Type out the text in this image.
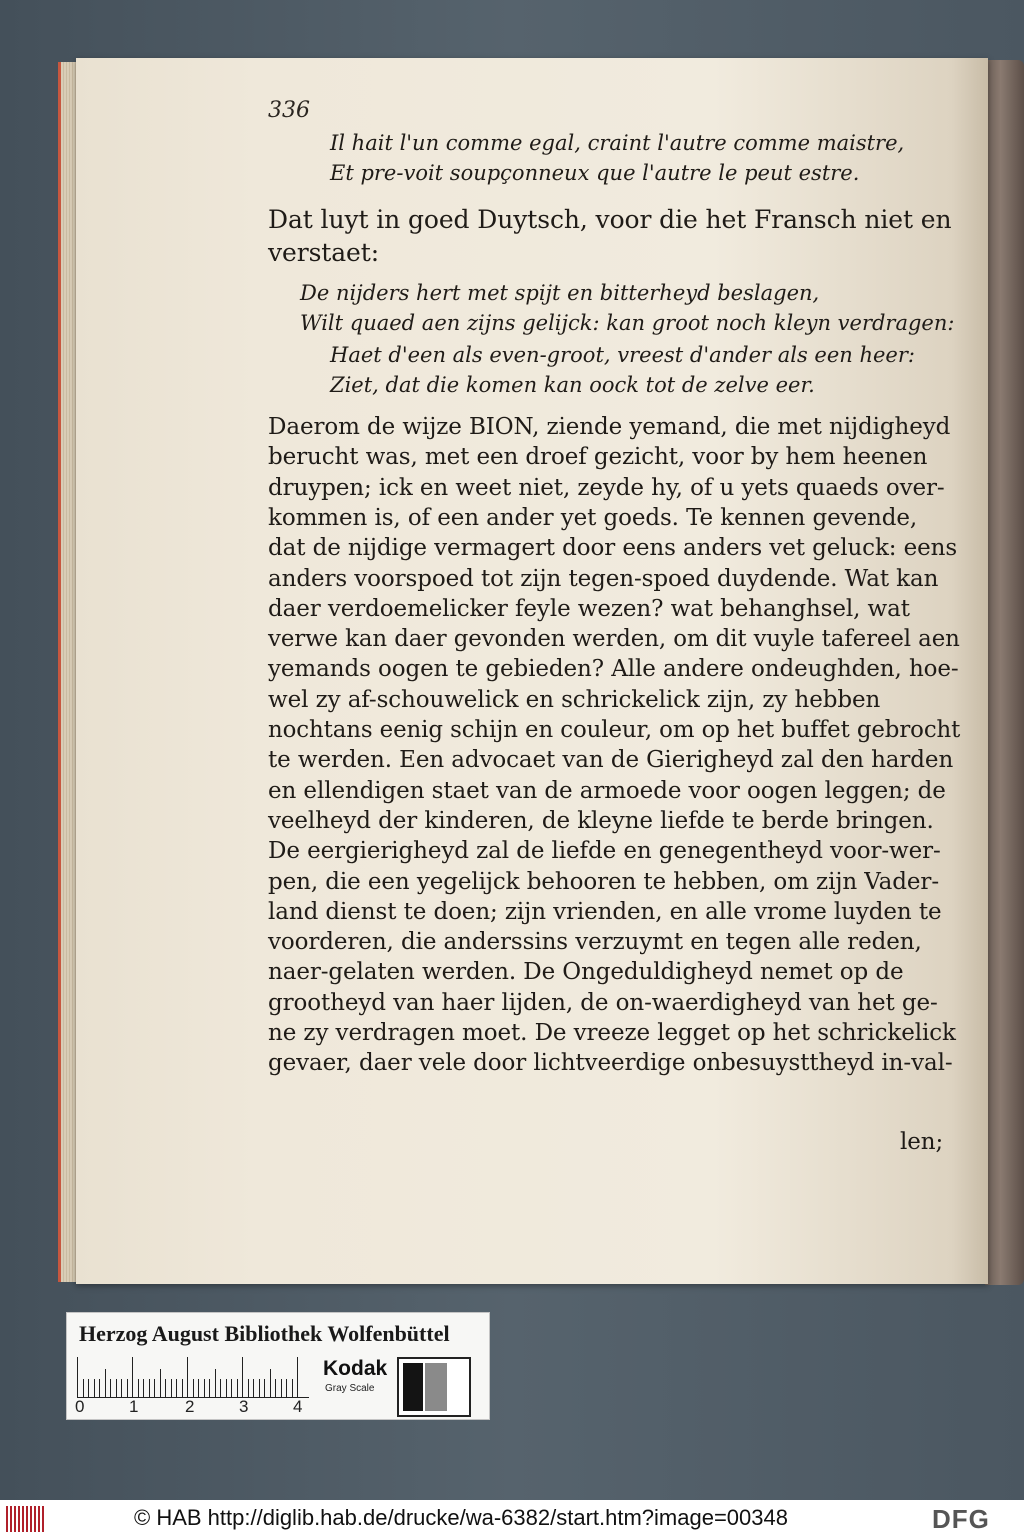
336
Il hait l'un comme egal, craint l'autre comme maistre,
Et pre-voit soupçonneux que l'autre le peut estre.
Dat luyt in goed Duytsch, voor die het Fransch niet en
verstaet:
De nijders hert met spijt en bitterheyd beslagen,
Wilt quaed aen zijns gelijck: kan groot noch kleyn verdragen:
Haet d'een als even-groot, vreest d'ander als een heer:
Ziet, dat die komen kan oock tot de zelve eer.
Daerom de wijze BION, ziende yemand, die met nijdigheyd
berucht was, met een droef gezicht, voor by hem heenen
druypen; ick en weet niet, zeyde hy, of u yets quaeds over-
kommen is, of een ander yet goeds. Te kennen gevende,
dat de nijdige vermagert door eens anders vet geluck: eens
anders voorspoed tot zijn tegen-spoed duydende. Wat kan
daer verdoemelicker feyle wezen? wat behanghsel, wat
verwe kan daer gevonden werden, om dit vuyle tafereel aen
yemands oogen te gebieden? Alle andere ondeughden, hoe-
wel zy af-schouwelick en schrickelick zijn, zy hebben
nochtans eenig schijn en couleur, om op het buffet gebrocht
te werden. Een advocaet van de Gierigheyd zal den harden
en ellendigen staet van de armoede voor oogen leggen; de
veelheyd der kinderen, de kleyne liefde te berde bringen.
De eergierigheyd zal de liefde en genegentheyd voor-wer-
pen, die een yegelijck behooren te hebben, om zijn Vader-
land dienst te doen; zijn vrienden, en alle vrome luyden te
voorderen, die anderssins verzuymt en tegen alle reden,
naer-gelaten werden. De Ongeduldigheyd nemet op de
grootheyd van haer lijden, de on-waerdigheyd van het ge-
ne zy verdragen moet. De vreeze legget op het schrickelick
gevaer, daer vele door lichtveerdige onbesuysttheyd in-val-
len;
Herzog August Bibliothek Wolfenbüttel
0	1	2	3	4
Kodak
Gray Scale
© HAB http://diglib.hab.de/drucke/wa-6382/start.htm?image=00348	DFG
